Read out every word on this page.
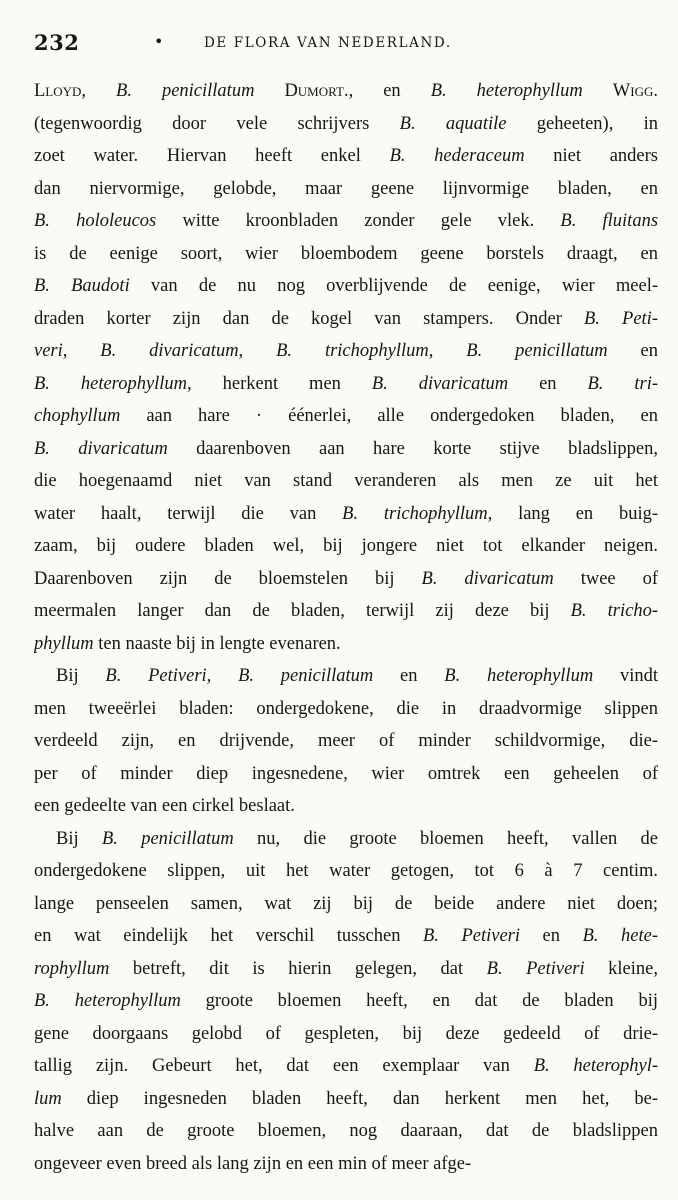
232	•	DE FLORA VAN NEDERLAND.
Lloyd, B. penicillatum Dumort., en B. heterophyllum Wigg.
(tegenwoordig door vele schrijvers B. aquatile geheeten), in
zoet water. Hiervan heeft enkel B. hederaceum niet anders
dan niervormige, gelobde, maar geene lijnvormige bladen, en
B. hololeucos witte kroonbladen zonder gele vlek. B. fluitans
is de eenige soort, wier bloembodem geene borstels draagt, en
B. Baudoti van de nu nog overblijvende de eenige, wier meel-
draden korter zijn dan de kogel van stampers. Onder B. Peti-
veri, B. divaricatum, B. trichophyllum, B. penicillatum en
B. heterophyllum, herkent men B. divaricatum en B. tri-
chophyllum aan hare · éénerlei, alle ondergedoken bladen, en
B. divaricatum daarenboven aan hare korte stijve bladslippen,
die hoegenaamd niet van stand veranderen als men ze uit het
water haalt, terwijl die van B. trichophyllum, lang en buig-
zaam, bij oudere bladen wel, bij jongere niet tot elkander neigen.
Daarenboven zijn de bloemstelen bij B. divaricatum twee of
meermalen langer dan de bladen, terwijl zij deze bij B. tricho-
phyllum ten naaste bij in lengte evenaren.
Bij B. Petiveri, B. penicillatum en B. heterophyllum vindt
men tweeërlei bladen: ondergedokene, die in draadvormige slippen
verdeeld zijn, en drijvende, meer of minder schildvormige, die-
per of minder diep ingesnedene, wier omtrek een geheelen of
een gedeelte van een cirkel beslaat.
Bij B. penicillatum nu, die groote bloemen heeft, vallen de
ondergedokene slippen, uit het water getogen, tot 6 à 7 centim.
lange penseelen samen, wat zij bij de beide andere niet doen;
en wat eindelijk het verschil tusschen B. Petiveri en B. hete-
rophyllum betreft, dit is hierin gelegen, dat B. Petiveri kleine,
B. heterophyllum groote bloemen heeft, en dat de bladen bij
gene doorgaans gelobd of gespleten, bij deze gedeeld of drie-
tallig zijn. Gebeurt het, dat een exemplaar van B. heterophyl-
lum diep ingesneden bladen heeft, dan herkent men het, be-
halve aan de groote bloemen, nog daaraan, dat de bladslippen
ongeveer even breed als lang zijn en een min of meer afge-
